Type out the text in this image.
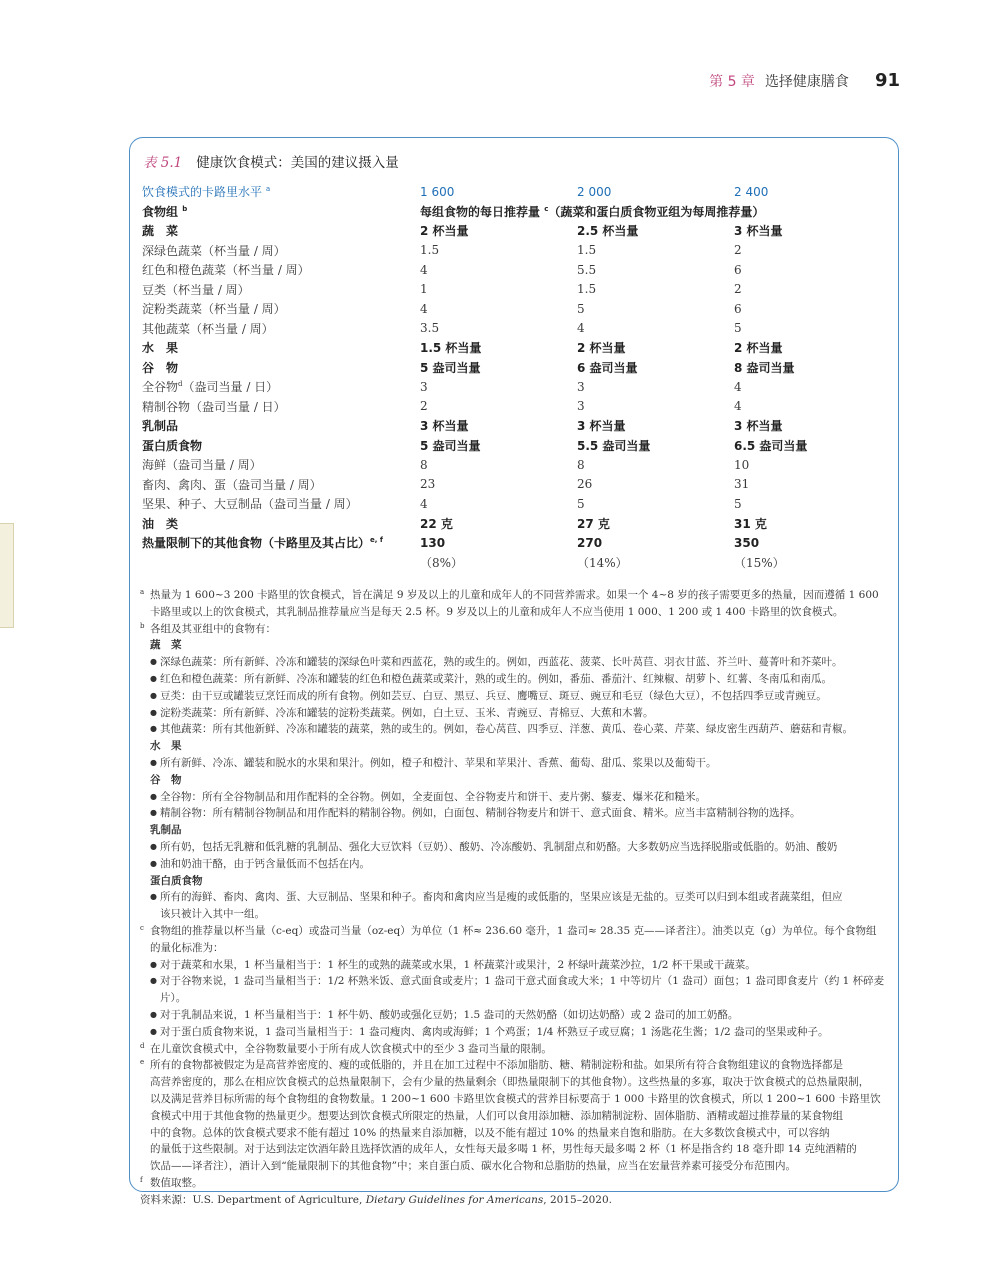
第 5 章 选择健康膳食 91
表 5.1 健康饮食模式：美国的建议摄入量
饮食模式的卡路里水平 $^a$	1 600	2 000	2 400
食物组 $^b$	每组食物的每日推荐量 $^c$（蔬菜和蛋白质食物亚组为每周推荐量）		
蔬　菜	2 杯当量	2.5 杯当量	3 杯当量
深绿色蔬菜（杯当量 / 周）	1.5	1.5	2
红色和橙色蔬菜（杯当量 / 周）	4	5.5	6
豆类（杯当量 / 周）	1	1.5	2
淀粉类蔬菜（杯当量 / 周）	4	5	6
其他蔬菜（杯当量 / 周）	3.5	4	5
水　果	1.5 杯当量	2 杯当量	2 杯当量
谷　物	5 盎司当量	6 盎司当量	8 盎司当量
全谷物$^d$（盎司当量 / 日）	3	3	4
精制谷物（盎司当量 / 日）	2	3	4
乳制品	3 杯当量	3 杯当量	3 杯当量
蛋白质食物	5 盎司当量	5.5 盎司当量	6.5 盎司当量
海鲜（盎司当量 / 周）	8	8	10
畜肉、禽肉、蛋（盎司当量 / 周）	23	26	31
坚果、种子、大豆制品（盎司当量 / 周）	4	5	5
油　类	22 克	27 克	31 克
热量限制下的其他食物（卡路里及其占比）$^{e, f}$	130	270	350
	（8%）	（14%）	（15%）

a 热量为 1 600~3 200 卡路里的饮食模式，旨在满足 9 岁及以上的儿童和成年人的不同营养需求。如果一个 4~8 岁的孩子需要更多的热量，因而遵循 1 600

卡路里或以上的饮食模式，其乳制品推荐量应当是每天 2.5 杯。9 岁及以上的儿童和成年人不应当使用 1 000、1 200 或 1 400 卡路里的饮食模式。

b 各组及其亚组中的食物有：

蔬　菜

● 深绿色蔬菜：所有新鲜、冷冻和罐装的深绿色叶菜和西蓝花，熟的或生的。例如，西蓝花、菠菜、长叶莴苣、羽衣甘蓝、芥兰叶、蔓菁叶和芥菜叶。

● 红色和橙色蔬菜：所有新鲜、冷冻和罐装的红色和橙色蔬菜或菜汁，熟的或生的。例如，番茄、番茄汁、红辣椒、胡萝卜、红薯、冬南瓜和南瓜。

● 豆类：由干豆或罐装豆烹饪而成的所有食物。例如芸豆、白豆、黑豆、兵豆、鹰嘴豆、斑豆、豌豆和毛豆（绿色大豆），不包括四季豆或青豌豆。

● 淀粉类蔬菜：所有新鲜、冷冻和罐装的淀粉类蔬菜。例如，白土豆、玉米、青豌豆、青棉豆、大蕉和木薯。

● 其他蔬菜：所有其他新鲜、冷冻和罐装的蔬菜，熟的或生的。例如，卷心莴苣、四季豆、洋葱、黄瓜、卷心菜、芹菜、绿皮密生西葫芦、蘑菇和青椒。

水　果

● 所有新鲜、冷冻、罐装和脱水的水果和果汁。例如，橙子和橙汁、苹果和苹果汁、香蕉、葡萄、甜瓜、浆果以及葡萄干。

谷　物

● 全谷物：所有全谷物制品和用作配料的全谷物。例如，全麦面包、全谷物麦片和饼干、麦片粥、藜麦、爆米花和糙米。

● 精制谷物：所有精制谷物制品和用作配料的精制谷物。例如，白面包、精制谷物麦片和饼干、意式面食、精米。应当丰富精制谷物的选择。

乳制品

● 所有奶，包括无乳糖和低乳糖的乳制品、强化大豆饮料（豆奶）、酸奶、冷冻酸奶、乳制甜点和奶酪。大多数奶应当选择脱脂或低脂的。奶油、酸奶

● 油和奶油干酪，由于钙含量低而不包括在内。

蛋白质食物

● 所有的海鲜、畜肉、禽肉、蛋、大豆制品、坚果和种子。畜肉和禽肉应当是瘦的或低脂的，坚果应该是无盐的。豆类可以归到本组或者蔬菜组，但应

该只被计入其中一组。

c 食物组的推荐量以杯当量（c-eq）或盎司当量（oz-eq）为单位（1 杯≈ 236.60 毫升，1 盎司≈ 28.35 克——译者注）。油类以克（g）为单位。每个食物组

的量化标准为：

● 对于蔬菜和水果，1 杯当量相当于：1 杯生的或熟的蔬菜或水果，1 杯蔬菜汁或果汁，2 杯绿叶蔬菜沙拉，1/2 杯干果或干蔬菜。

● 对于谷物来说，1 盎司当量相当于：1/2 杯熟米饭、意式面食或麦片；1 盎司干意式面食或大米；1 中等切片（1 盎司）面包；1 盎司即食麦片（约 1 杯碎麦片）。

● 对于乳制品来说，1 杯当量相当于：1 杯牛奶、酸奶或强化豆奶；1.5 盎司的天然奶酪（如切达奶酪）或 2 盎司的加工奶酪。

● 对于蛋白质食物来说，1 盎司当量相当于：1 盎司瘦肉、禽肉或海鲜；1 个鸡蛋；1/4 杯熟豆子或豆腐；1 汤匙花生酱；1/2 盎司的坚果或种子。

d 在儿童饮食模式中，全谷物数量要小于所有成人饮食模式中的至少 3 盎司当量的限制。

e 所有的食物都被假定为是高营养密度的、瘦的或低脂的，并且在加工过程中不添加脂肪、糖、精制淀粉和盐。如果所有符合食物组建议的食物选择都是

高营养密度的，那么在相应饮食模式的总热量限制下，会有少量的热量剩余（即热量限制下的其他食物）。这些热量的多寡，取决于饮食模式的总热量限制，

以及满足营养目标所需的每个食物组的食物数量。1 200~1 600 卡路里饮食模式的营养目标要高于 1 000 卡路里的饮食模式，所以 1 200~1 600 卡路里饮

食模式中用于其他食物的热量更少。想要达到饮食模式所限定的热量，人们可以食用添加糖、添加精制淀粉、固体脂肪、酒精或超过推荐量的某食物组

中的食物。总体的饮食模式要求不能有超过 10% 的热量来自添加糖，以及不能有超过 10% 的热量来自饱和脂肪。在大多数饮食模式中，可以容纳

的量低于这些限制。对于达到法定饮酒年龄且选择饮酒的成年人，女性每天最多喝 1 杯，男性每天最多喝 2 杯（1 杯是指含约 18 毫升即 14 克纯酒精的

饮品——译者注），酒计入到“能量限制下的其他食物”中；来自蛋白质、碳水化合物和总脂肪的热量，应当在宏量营养素可接受分布范围内。

f 数值取整。

资料来源：U.S. Department of Agriculture, Dietary Guidelines for Americans, 2015–2020.
